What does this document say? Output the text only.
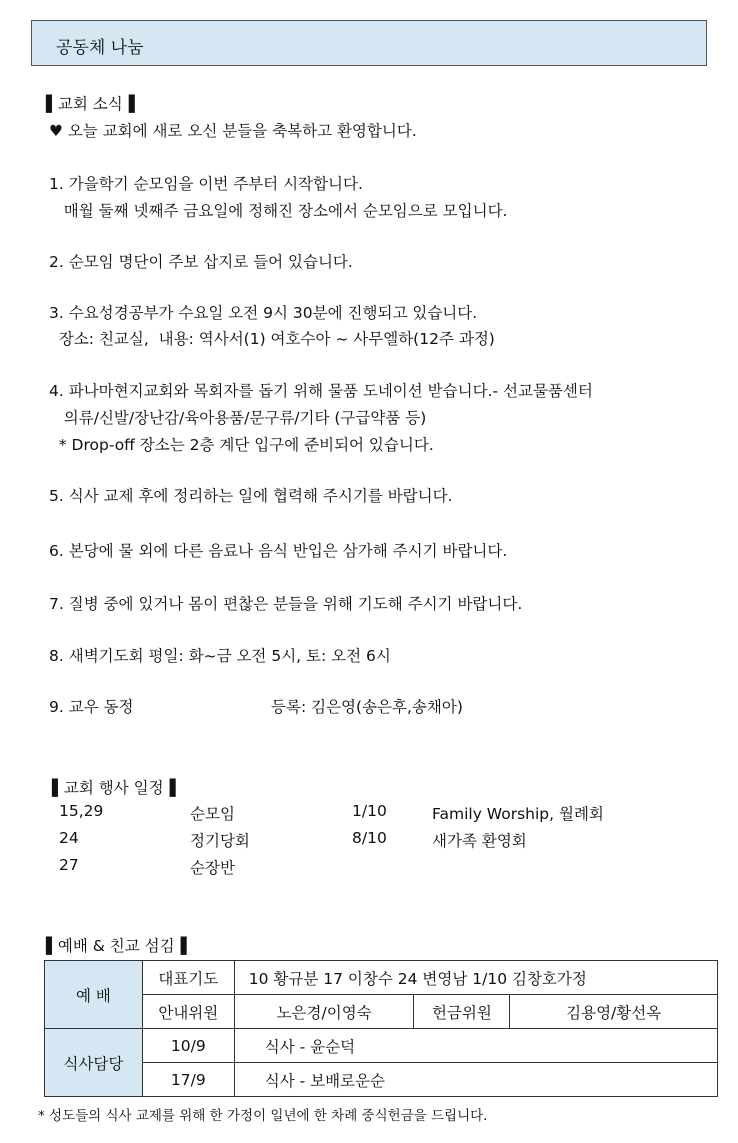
공동체 나눔
▌교회 소식▐
♥ 오늘 교회에 새로 오신 분들을 축복하고 환영합니다.
1. 가을학기 순모임을 이번 주부터 시작합니다.
매월 둘째 넷째주 금요일에 정해진 장소에서 순모임으로 모입니다.
2. 순모임 명단이 주보 삽지로 들어 있습니다.
3. 수요성경공부가 수요일 오전 9시 30분에 진행되고 있습니다.
장소: 친교실,  내용: 역사서(1) 여호수아 ~ 사무엘하(12주 과정)
4. 파나마현지교회와 목회자를 돕기 위해 물품 도네이션 받습니다.- 선교물품센터
의류/신발/장난감/육아용품/문구류/기타 (구급약품 등)
* Drop-off 장소는 2층 계단 입구에 준비되어 있습니다.
5. 식사 교제 후에 정리하는 일에 협력해 주시기를 바랍니다.
6. 본당에 물 외에 다른 음료나 음식 반입은 삼가해 주시기 바랍니다.
7. 질병 중에 있거나 몸이 편찮은 분들을 위해 기도해 주시기 바랍니다.
8. 새벽기도회 평일: 화~금 오전 5시, 토: 오전 6시
9. 교우 동정	등록: 김은영(송은후,송채아)
▌교회 행사 일정▐
15,29	순모임	1/10	Family Worship, 월례회
24	정기당회	8/10	새가족 환영회
27	순장반
▌예배 & 친교 섬김▐
예 배	대표기도	10 황규분 17 이창수 24 변영남 1/10 김창호가정		
	안내위원	노은경/이영숙	헌금위원	김용영/황선옥
식사담당	10/9	식사 - 윤순덕		
	17/9	식사 - 보배로운순		
* 성도들의 식사 교제를 위해 한 가정이 일년에 한 차례 중식헌금을 드립니다.
